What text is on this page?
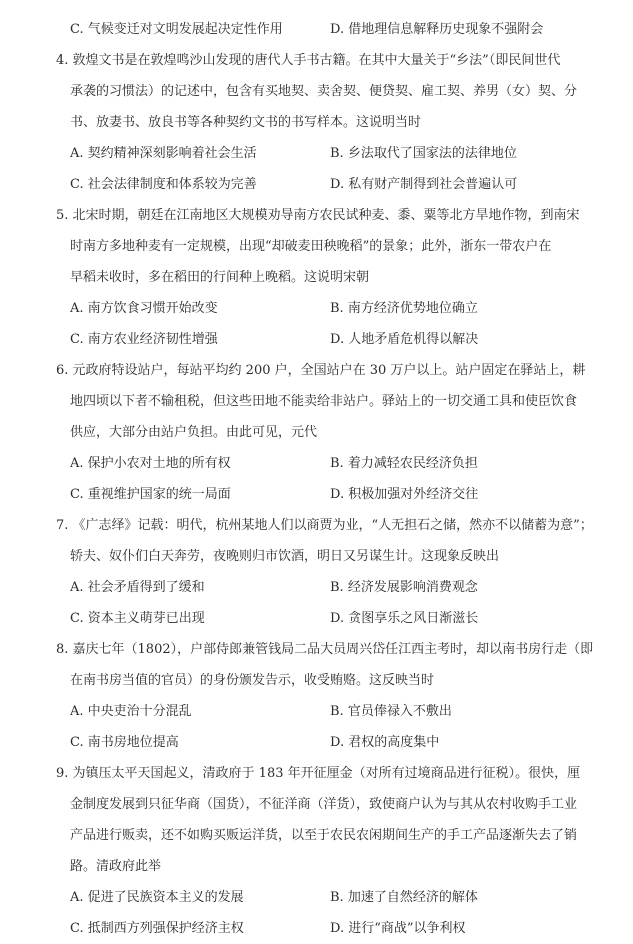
C. 气候变迁对文明发展起决定性作用	D. 借地理信息解释历史现象不强附会
4. 敦煌文书是在敦煌鸣沙山发现的唐代人手书古籍。在其中大量关于“乡法”（即民间世代
承袭的习惯法）的记述中，包含有买地契、卖舍契、便贷契、雇工契、养男（女）契、分
书、放妻书、放良书等各种契约文书的书写样本。这说明当时
A. 契约精神深刻影响着社会生活	B. 乡法取代了国家法的法律地位
C. 社会法律制度和体系较为完善	D. 私有财产制得到社会普遍认可
5. 北宋时期，朝廷在江南地区大规模劝导南方农民试种麦、黍、粟等北方旱地作物，到南宋
时南方多地种麦有一定规模，出现“却破麦田秧晚稻”的景象；此外，浙东一带农户在
早稻未收时，多在稻田的行间种上晚稻。这说明宋朝
A. 南方饮食习惯开始改变	B. 南方经济优势地位确立
C. 南方农业经济韧性增强	D. 人地矛盾危机得以解决
6. 元政府特设站户，每站平均约 200 户，全国站户在 30 万户以上。站户固定在驿站上，耕
地四顷以下者不输租税，但这些田地不能卖给非站户。驿站上的一切交通工具和使臣饮食
供应，大部分由站户负担。由此可见，元代
A. 保护小农对土地的所有权	B. 着力减轻农民经济负担
C. 重视维护国家的统一局面	D. 积极加强对外经济交往
7. 《广志绎》记载：明代，杭州某地人们以商贾为业，“人无担石之储，然亦不以储蓄为意”；
轿夫、奴仆们白天奔劳，夜晚则归市饮酒，明日又另谋生计。这现象反映出
A. 社会矛盾得到了缓和	B. 经济发展影响消费观念
C. 资本主义萌芽已出现	D. 贪图享乐之风日渐滋长
8. 嘉庆七年（1802），户部侍郎兼管钱局二品大员周兴岱任江西主考时，却以南书房行走（即
在南书房当值的官员）的身份颁发告示，收受贿赂。这反映当时
A. 中央吏治十分混乱	B. 官员俸禄入不敷出
C. 南书房地位提高	D. 君权的高度集中
9. 为镇压太平天国起义，清政府于 183 年开征厘金（对所有过境商品进行征税）。很快，厘
金制度发展到只征华商（国货），不征洋商（洋货），致使商户认为与其从农村收购手工业
产品进行贩卖，还不如购买贩运洋货，以至于农民农闲期间生产的手工产品逐渐失去了销
路。清政府此举
A. 促进了民族资本主义的发展	B. 加速了自然经济的解体
C. 抵制西方列强保护经济主权	D. 进行“商战”以争利权
